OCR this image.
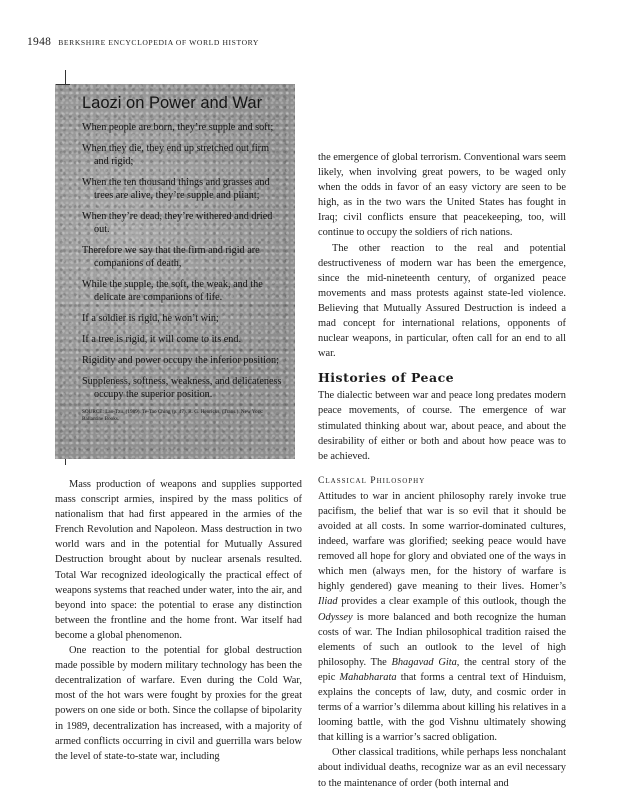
1948 BERKSHIRE ENCYCLOPEDIA OF WORLD HISTORY
Laozi on Power and War

When people are born, they’re supple and soft;

When they die, they end up stretched out firm and rigid;

When the ten thousand things and grasses and trees are alive, they’re supple and pliant;

When they’re dead, they’re withered and dried out.

Therefore we say that the firm and rigid are companions of death,

While the supple, the soft, the weak, and the delicate are companions of life.

If a soldier is rigid, he won’t win;

If a tree is rigid, it will come to its end.

Rigidity and power occupy the inferior position;

Suppleness, softness, weakness, and delicateness occupy the superior position.

SOURCE: Lao-Tzu. (1989). Te-Tao Ching (p. 47). R. G. Henricks, (Trans.). New York: Ballantine Books.

Mass production of weapons and supplies supported mass conscript armies, inspired by the mass politics of nationalism that had first appeared in the armies of the French Revolution and Napoleon. Mass destruction in two world wars and in the potential for Mutually Assured Destruction brought about by nuclear arsenals resulted. Total War recognized ideologically the practical effect of weapons systems that reached under water, into the air, and beyond into space: the potential to erase any distinction between the frontline and the home front. War itself had become a global phenomenon.

One reaction to the potential for global destruction made possible by modern military technology has been the decentralization of warfare. Even during the Cold War, most of the hot wars were fought by proxies for the great powers on one side or both. Since the collapse of bipolarity in 1989, decentralization has increased, with a majority of armed conflicts occurring in civil and guerrilla wars below the level of state-to-state war, including

the emergence of global terrorism. Conventional wars seem likely, when involving great powers, to be waged only when the odds in favor of an easy victory are seen to be high, as in the two wars the United States has fought in Iraq; civil conflicts ensure that peacekeeping, too, will continue to occupy the soldiers of rich nations.

The other reaction to the real and potential destructiveness of modern war has been the emergence, since the mid-nineteenth century, of organized peace movements and mass protests against state-led violence. Believing that Mutually Assured Destruction is indeed a mad concept for international relations, opponents of nuclear weapons, in particular, often call for an end to all war.

Histories of Peace

The dialectic between war and peace long predates modern peace movements, of course. The emergence of war stimulated thinking about war, about peace, and about the desirability of either or both and about how peace was to be achieved.

Classical Philosophy

Attitudes to war in ancient philosophy rarely invoke true pacifism, the belief that war is so evil that it should be avoided at all costs. In some warrior-dominated cultures, indeed, warfare was glorified; seeking peace would have removed all hope for glory and obviated one of the ways in which men (always men, for the history of warfare is highly gendered) gave meaning to their lives. Homer’s Iliad provides a clear example of this outlook, though the Odyssey is more balanced and both recognize the human costs of war. The Indian philosophical tradition raised the elements of such an outlook to the level of high philosophy. The Bhagavad Gita, the central story of the epic Mahabharata that forms a central text of Hinduism, explains the concepts of law, duty, and cosmic order in terms of a warrior’s dilemma about killing his relatives in a looming battle, with the god Vishnu ultimately showing that killing is a warrior’s sacred obligation.

Other classical traditions, while perhaps less nonchalant about individual deaths, recognize war as an evil necessary to the maintenance of order (both internal and
